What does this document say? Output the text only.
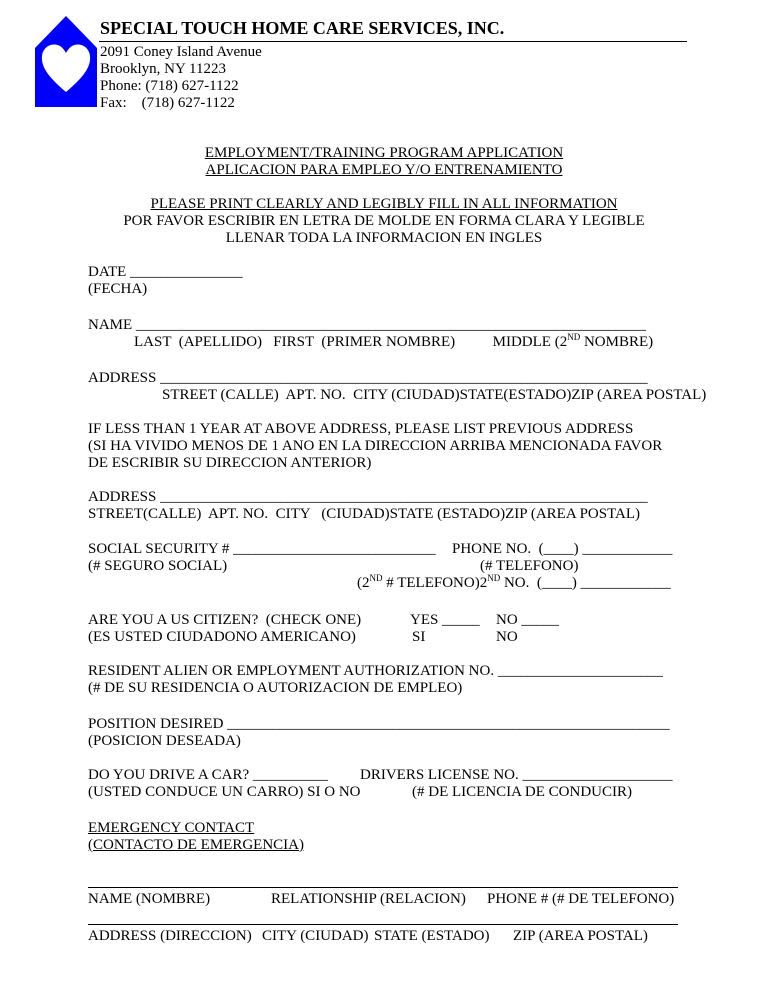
SPECIAL TOUCH HOME CARE SERVICES, INC.
2091 Coney Island Avenue
Brooklyn, NY 11223
Phone: (718) 627-1122
Fax:    (718) 627-1122
EMPLOYMENT/TRAINING PROGRAM APPLICATION
APLICACION PARA EMPLEO Y/O ENTRENAMIENTO
PLEASE PRINT CLEARLY AND LEGIBLY FILL IN ALL INFORMATION
POR FAVOR ESCRIBIR EN LETRA DE MOLDE EN FORMA CLARA Y LEGIBLE
LLENAR TODA LA INFORMACION EN INGLES
DATE _______________
(FECHA)
NAME ____________________________________________________________________
LAST  (APELLIDO)   FIRST  (PRIMER NOMBRE)          MIDDLE (2ND NOMBRE)
ADDRESS _________________________________________________________________
STREET (CALLE)  APT. NO.  CITY (CIUDAD)STATE(ESTADO)ZIP (AREA POSTAL)
IF LESS THAN 1 YEAR AT ABOVE ADDRESS, PLEASE LIST PREVIOUS ADDRESS
(SI HA VIVIDO MENOS DE 1 ANO EN LA DIRECCION ARRIBA MENCIONADA FAVOR
DE ESCRIBIR SU DIRECCION ANTERIOR)
ADDRESS _________________________________________________________________
STREET(CALLE)  APT. NO.  CITY   (CIUDAD)STATE (ESTADO)ZIP (AREA POSTAL)
SOCIAL SECURITY # ___________________________ PHONE NO.  (____) ____________
(# SEGURO SOCIAL)	(# TELEFONO)
(2ND # TELEFONO)2ND NO.  (____) ____________
ARE YOU A US CITIZEN?  (CHECK ONE)
(ES USTED CIUDADONO AMERICANO)
YES _____
SI
NO _____
NO
RESIDENT ALIEN OR EMPLOYMENT AUTHORIZATION NO. ______________________
(# DE SU RESIDENCIA O AUTORIZACION DE EMPLEO)
POSITION DESIRED ___________________________________________________________
(POSICION DESEADA)
DO YOU DRIVE A CAR? __________
(USTED CONDUCE UN CARRO) SI O NO
DRIVERS LICENSE NO. ____________________
(# DE LICENCIA DE CONDUCIR)
EMERGENCY CONTACT
(CONTACTO DE EMERGENCIA)
NAME (NOMBRE)	RELATIONSHIP (RELACION) PHONE # (# DE TELEFONO)
ADDRESS (DIRECCION) CITY (CIUDAD) STATE (ESTADO) ZIP (AREA POSTAL)
